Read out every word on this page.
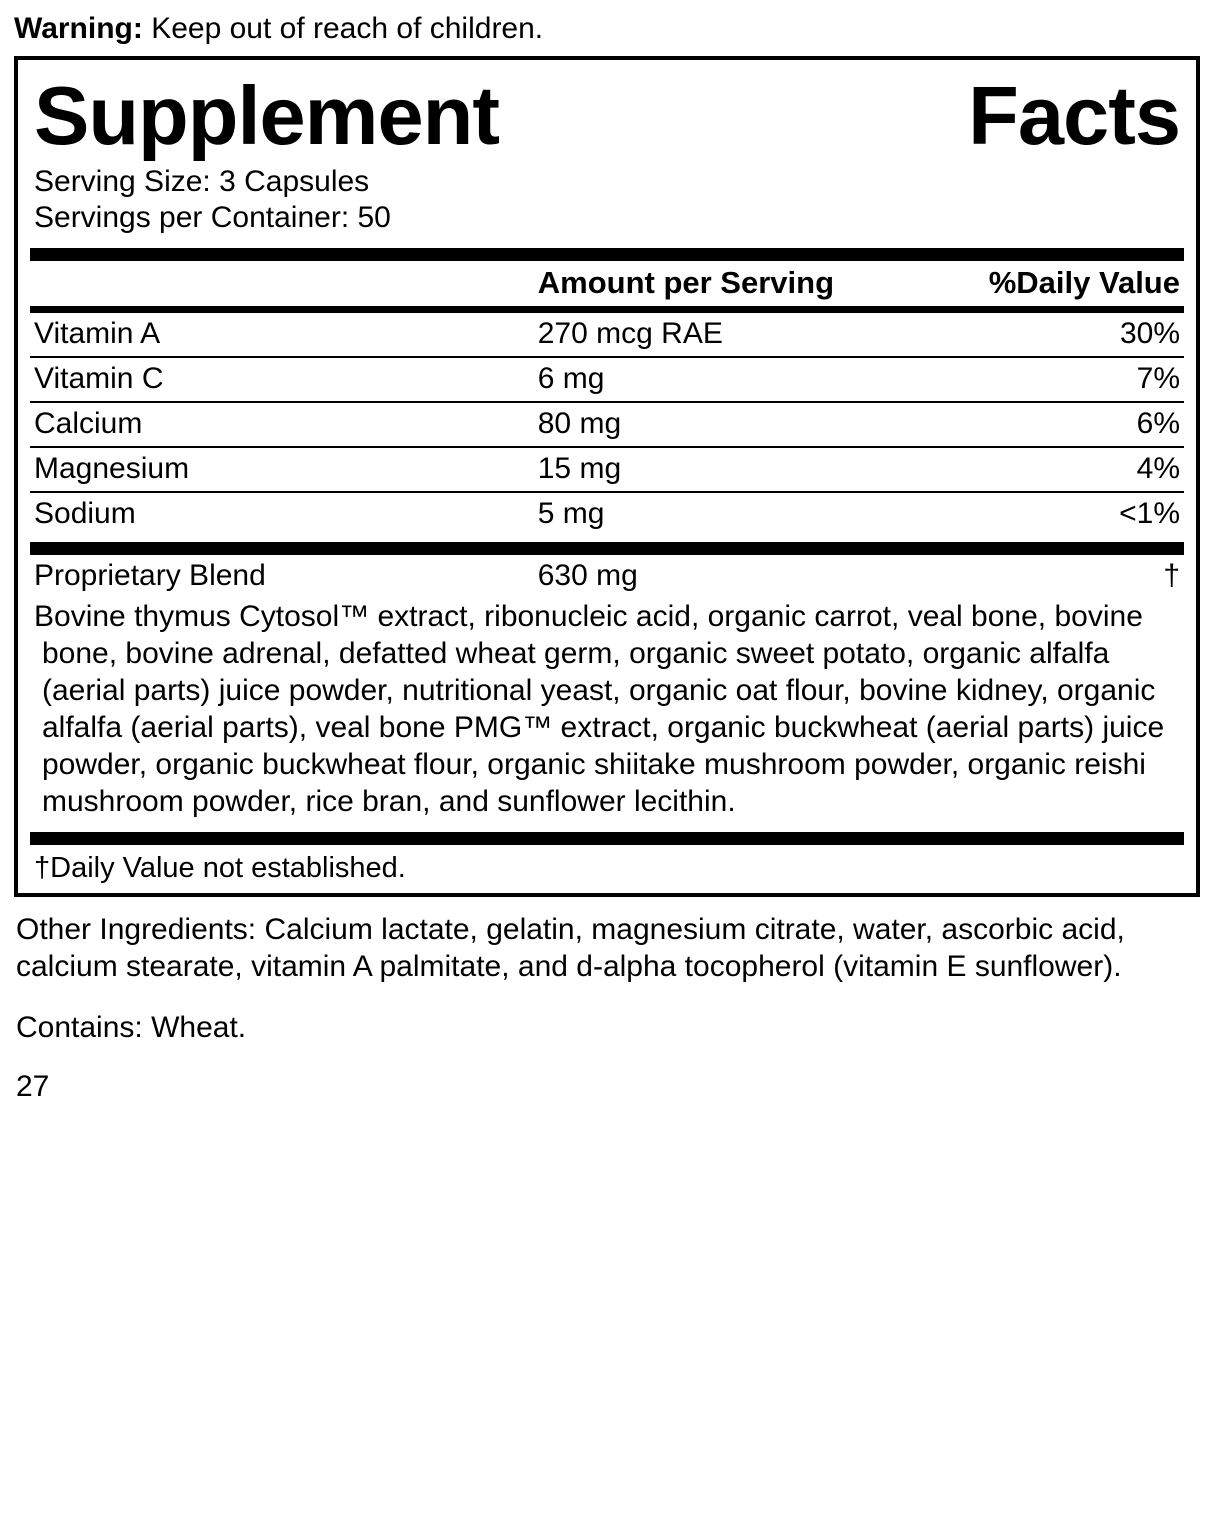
Warning: Keep out of reach of children.
Supplement	Facts
Serving Size: 3 Capsules
Servings per Container: 50
	Amount per Serving	%Daily Value
Vitamin A	270 mcg RAE	30%
Vitamin C	6 mg	7%
Calcium	80 mg	6%
Magnesium	15 mg	4%
Sodium	5 mg	<1%
Proprietary Blend	630 mg	†
Bovine thymus Cytosol™ extract, ribonucleic acid, organic carrot, veal bone, bovine bone, bovine adrenal, defatted wheat germ, organic sweet potato, organic alfalfa (aerial parts) juice powder, nutritional yeast, organic oat flour, bovine kidney, organic alfalfa (aerial parts), veal bone PMG™ extract, organic buckwheat (aerial parts) juice powder, organic buckwheat flour, organic shiitake mushroom powder, organic reishi mushroom powder, rice bran, and sunflower lecithin.
†Daily Value not established.
Other Ingredients: Calcium lactate, gelatin, magnesium citrate, water, ascorbic acid, calcium stearate, vitamin A palmitate, and d-alpha tocopherol (vitamin E sunflower).
Contains: Wheat.
27
